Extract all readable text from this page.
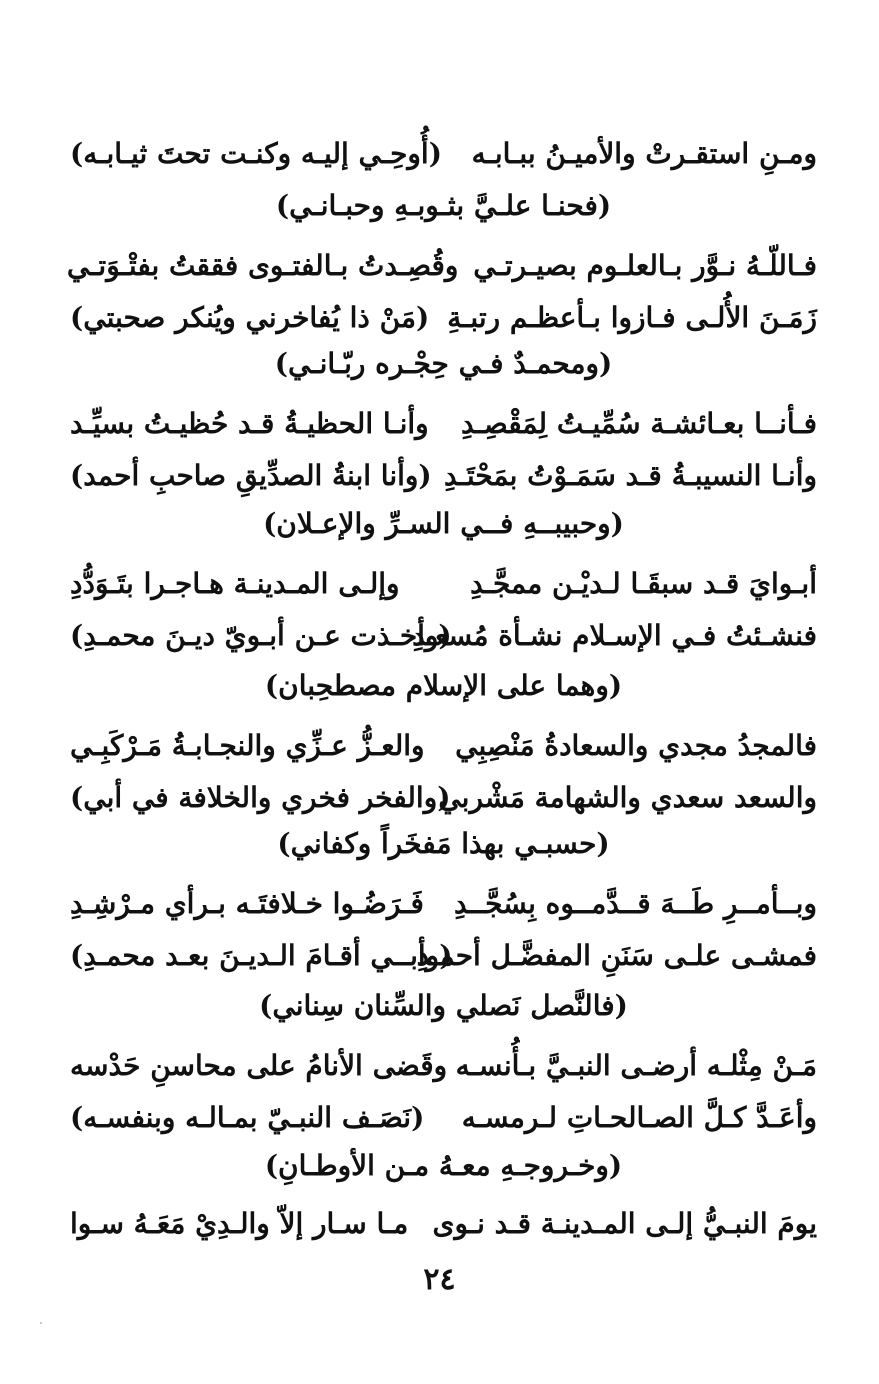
ومـنِ استقـرتْ والأميـنُ ببـابـه
(أُوحِـي إليـه وكنـت تحتَ ثيـابـه)
(فحنـا علـيَّ بثـوبـهِ وحبـانـي)
فـاللّـهُ نـوَّر بـالعلـوم بصيـرتـي
وقُصِـدتُ بـالفتـوى فققتُ بفتْـوَتـي
زَمَـنَ الأُلـى فـازوا بـأعظـم رتبـةِ
(مَنْ ذا يُفاخرني ويُنكر صحبتي)
(ومحمـدٌ فـي حِجْـره ربّـانـي)
فـأنــا بعـائشـة سُمِّيـتُ لِمَقْصِـدِ
وأنـا الحظيـةُ قـد حُظيـتُ بسيِّـد
وأنـا النسيبـةُ قـد سَمَـوْتُ بمَحْتَـدِ
(وأنا ابنةُ الصدِّيقِ صاحبِ أحمد)
(وحبيبــهِ فــي السـرِّ والإعـلان)
أبـوايَ قـد سبقَـا لـديْـن ممجَّـدِ
وإلـى المـدينـة هـاجـرا بتَـوَدُّدِ
فنشـئتُ فـي الإسـلام نشـأة مُسعـدِ
(وأخـذت عـن أبـويّ ديـنَ محمـدِ)
(وهما على الإسلام مصطحِبان)
فالمجدُ مجدي والسعادةُ مَنْصِبِي
والعـزُّ عـزِّي والنجـابـةُ مَـرْكَبِـي
والسعد سعدي والشهامة مَشْربي
(والفخر فخري والخلافة في أبي)
(حسبـي بهذا مَفخَراً وكفاني)
وبــأمــرِ طَــهَ قــدَّمــوه بِسُجَّــدِ
فَـرَضُـوا خـلافتَـه بـرأي مـرْشِـدِ
فمشـى علـى سَنَنِ المفضَّـل أحمـدِ
(وأبــي أقـامَ الـديـنَ بعـد محمـدِ)
(فالنَّصل نَصلي والسِّنان سِناني)
مَـنْ مِثْلـه أرضـى النبـيَّ بـأُنسـه
وقَضى الأنامُ على محاسنِ حَدْسه
وأعَـدَّ كـلَّ الصـالحـاتِ لـرمسـه
(نَصَـف النبـيّ بمـالـه وبنفسـه)
(وخـروجـهِ معـهُ مـن الأوطـانِ)
يومَ النبـيُّ إلـى المـدينـة قـد نـوى
مـا سـار إلاّ والـدِيْ مَعَـهُ سـوا
٢٤
